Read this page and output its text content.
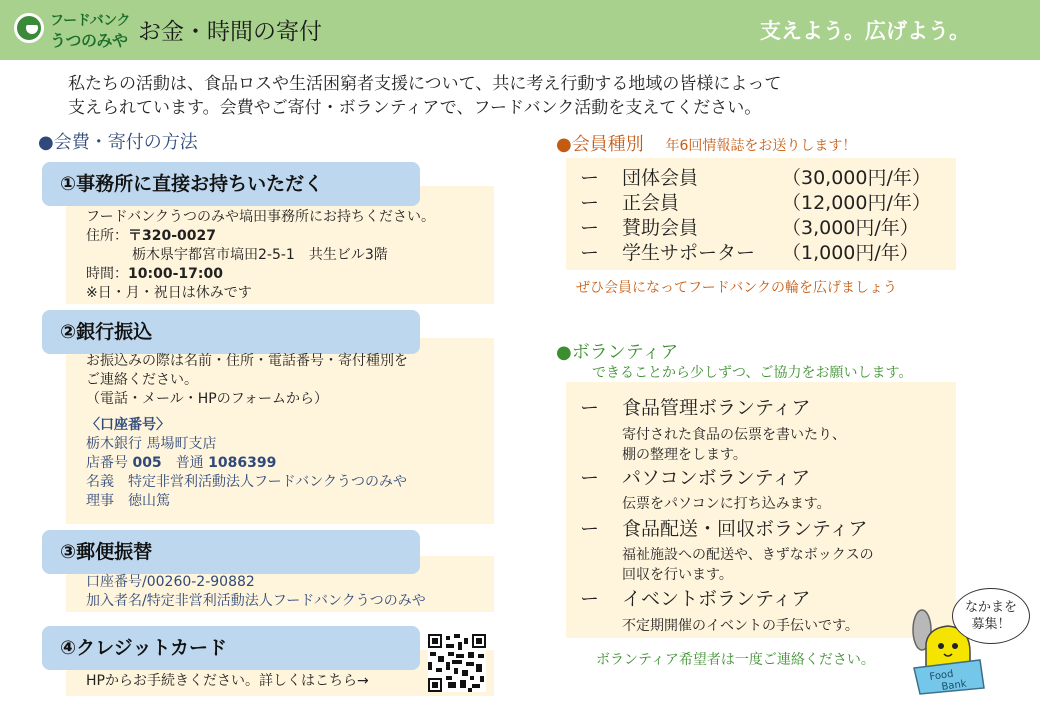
フードバンク
うつのみや お金・時間の寄付	支えよう。広げよう。
私たちの活動は、食品ロスや生活困窮者支援について、共に考え行動する地域の皆様によって
支えられています。会費やご寄付・ボランティアで、フードバンク活動を支えてください。
●会費・寄付の方法
①事務所に直接お持ちいただく
フードバンクうつのみや塙田事務所にお持ちください。
住所：〒320-0027
栃木県宇都宮市塙田2-5-1　共生ビル3階
時間：10:00-17:00
※日・月・祝日は休みです
②銀行振込
お振込みの際は名前・住所・電話番号・寄付種別を
ご連絡ください。
（電話・メール・HPのフォームから）
〈口座番号〉
栃木銀行 馬場町支店
店番号 005　 普通 1086399
名義　特定非営利活動法人フードバンクうつのみや
理事　徳山篤
③郵便振替
口座番号/00260-2-90882
加入者名/特定非営利活動法人フードバンクうつのみや
④クレジットカード
HPからお手続きください。詳しくはこちら→
●会員種別 年6回情報誌をお送りします！
ー 団体会員	（30,000円/年）
ー 正会員	（12,000円/年）
ー 賛助会員	（3,000円/年）
ー 学生サポーター （1,000円/年）
ぜひ会員になってフードバンクの輪を広げましょう
●ボランティア
できることから少しずつ、ご協力をお願いします。
ー 食品管理ボランティア
寄付された食品の伝票を書いたり、
棚の整理をします。
ー パソコンボランティア
伝票をパソコンに打ち込みます。
ー 食品配送・回収ボランティア
福祉施設への配送や、きずなボックスの
回収を行います。
ー イベントボランティア
不定期開催のイベントの手伝いです。
ボランティア希望者は一度ご連絡ください。
Food
Bank
なかまを
募集！
